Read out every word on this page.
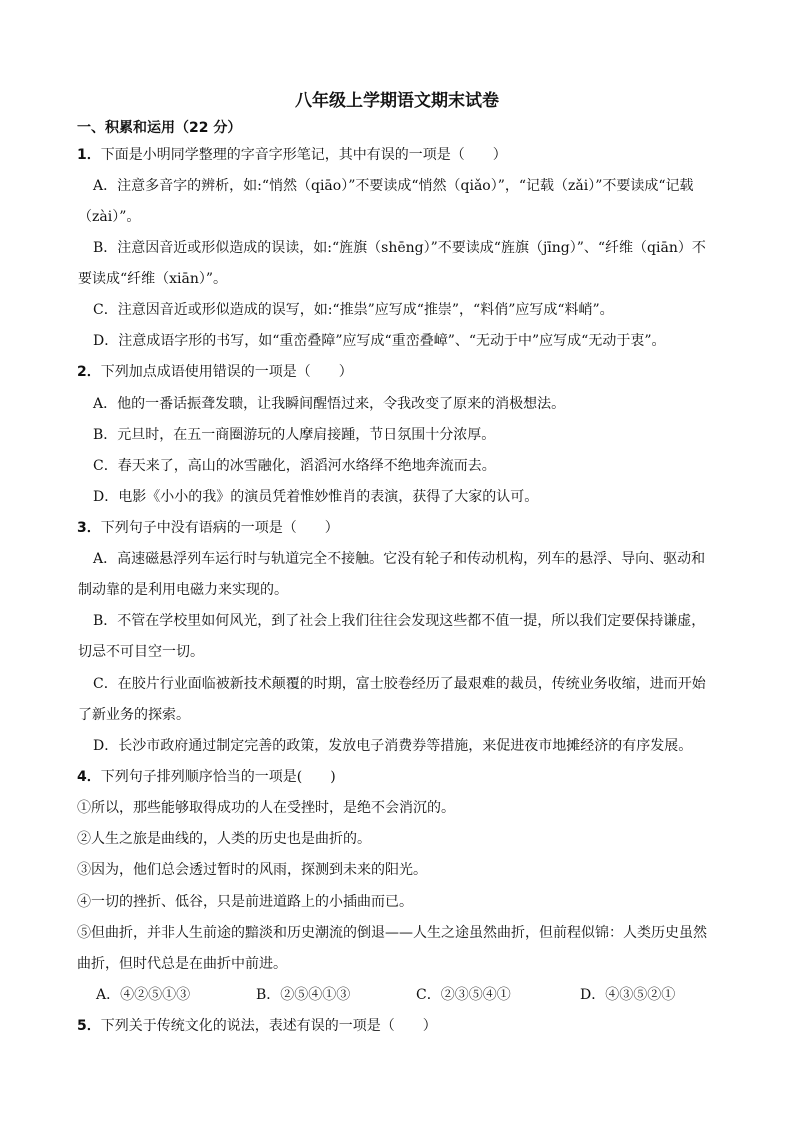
八年级上学期语文期末试卷
一、积累和运用（22 分）
1．下面是小明同学整理的字音字形笔记，其中有误的一项是（　　）
A．注意多音字的辨析，如:“悄然（qiāo）”不要读成“悄然（qiǎo）”，“记载（zǎi）”不要读成“记载
（zài）”。
B．注意因音近或形似造成的误读，如:“旌旗（shēng）”不要读成“旌旗（jīng）”、“纤维（qiān）不
要读成“纤维（xiān）”。
C．注意因音近或形似造成的误写，如:“推祟”应写成“推崇”，“料俏”应写成“料峭”。
D．注意成语字形的书写，如“重峦叠障”应写成“重峦叠嶂”、“无动于中”应写成“无动于衷”。
2．下列加点成语使用错误的一项是（　　）
A．他的一番话振聋发聩，让我瞬间醒悟过来，令我改变了原来的消极想法。
B．元旦时，在五一商圈游玩的人摩肩接踵，节日氛围十分浓厚。
C．春天来了，高山的冰雪融化，滔滔河水络绎不绝地奔流而去。
D．电影《小小的我》的演员凭着惟妙惟肖的表演，获得了大家的认可。
3．下列句子中没有语病的一项是（　　）
A．高速磁悬浮列车运行时与轨道完全不接触。它没有轮子和传动机构，列车的悬浮、导向、驱动和
制动靠的是利用电磁力来实现的。
B．不管在学校里如何风光，到了社会上我们往往会发现这些都不值一提，所以我们定要保持谦虚，
切忌不可目空一切。
C．在胶片行业面临被新技术颠覆的时期，富士胶卷经历了最艰难的裁员，传统业务收缩，进而开始
了新业务的探索。
D．长沙市政府通过制定完善的政策，发放电子消费券等措施，来促进夜市地摊经济的有序发展。
4．下列句子排列顺序恰当的一项是(　　)
①所以，那些能够取得成功的人在受挫时，是绝不会消沉的。
②人生之旅是曲线的，人类的历史也是曲折的。
③因为，他们总会透过暂时的风雨，探测到未来的阳光。
④一切的挫折、低谷，只是前进道路上的小插曲而已。
⑤但曲折，并非人生前途的黯淡和历史潮流的倒退——人生之途虽然曲折，但前程似锦：人类历史虽然
曲折，但时代总是在曲折中前进。
A．④②⑤①③	B．②⑤④①③	C．②③⑤④①	D．④③⑤②①
5．下列关于传统文化的说法，表述有误的一项是（　　）
